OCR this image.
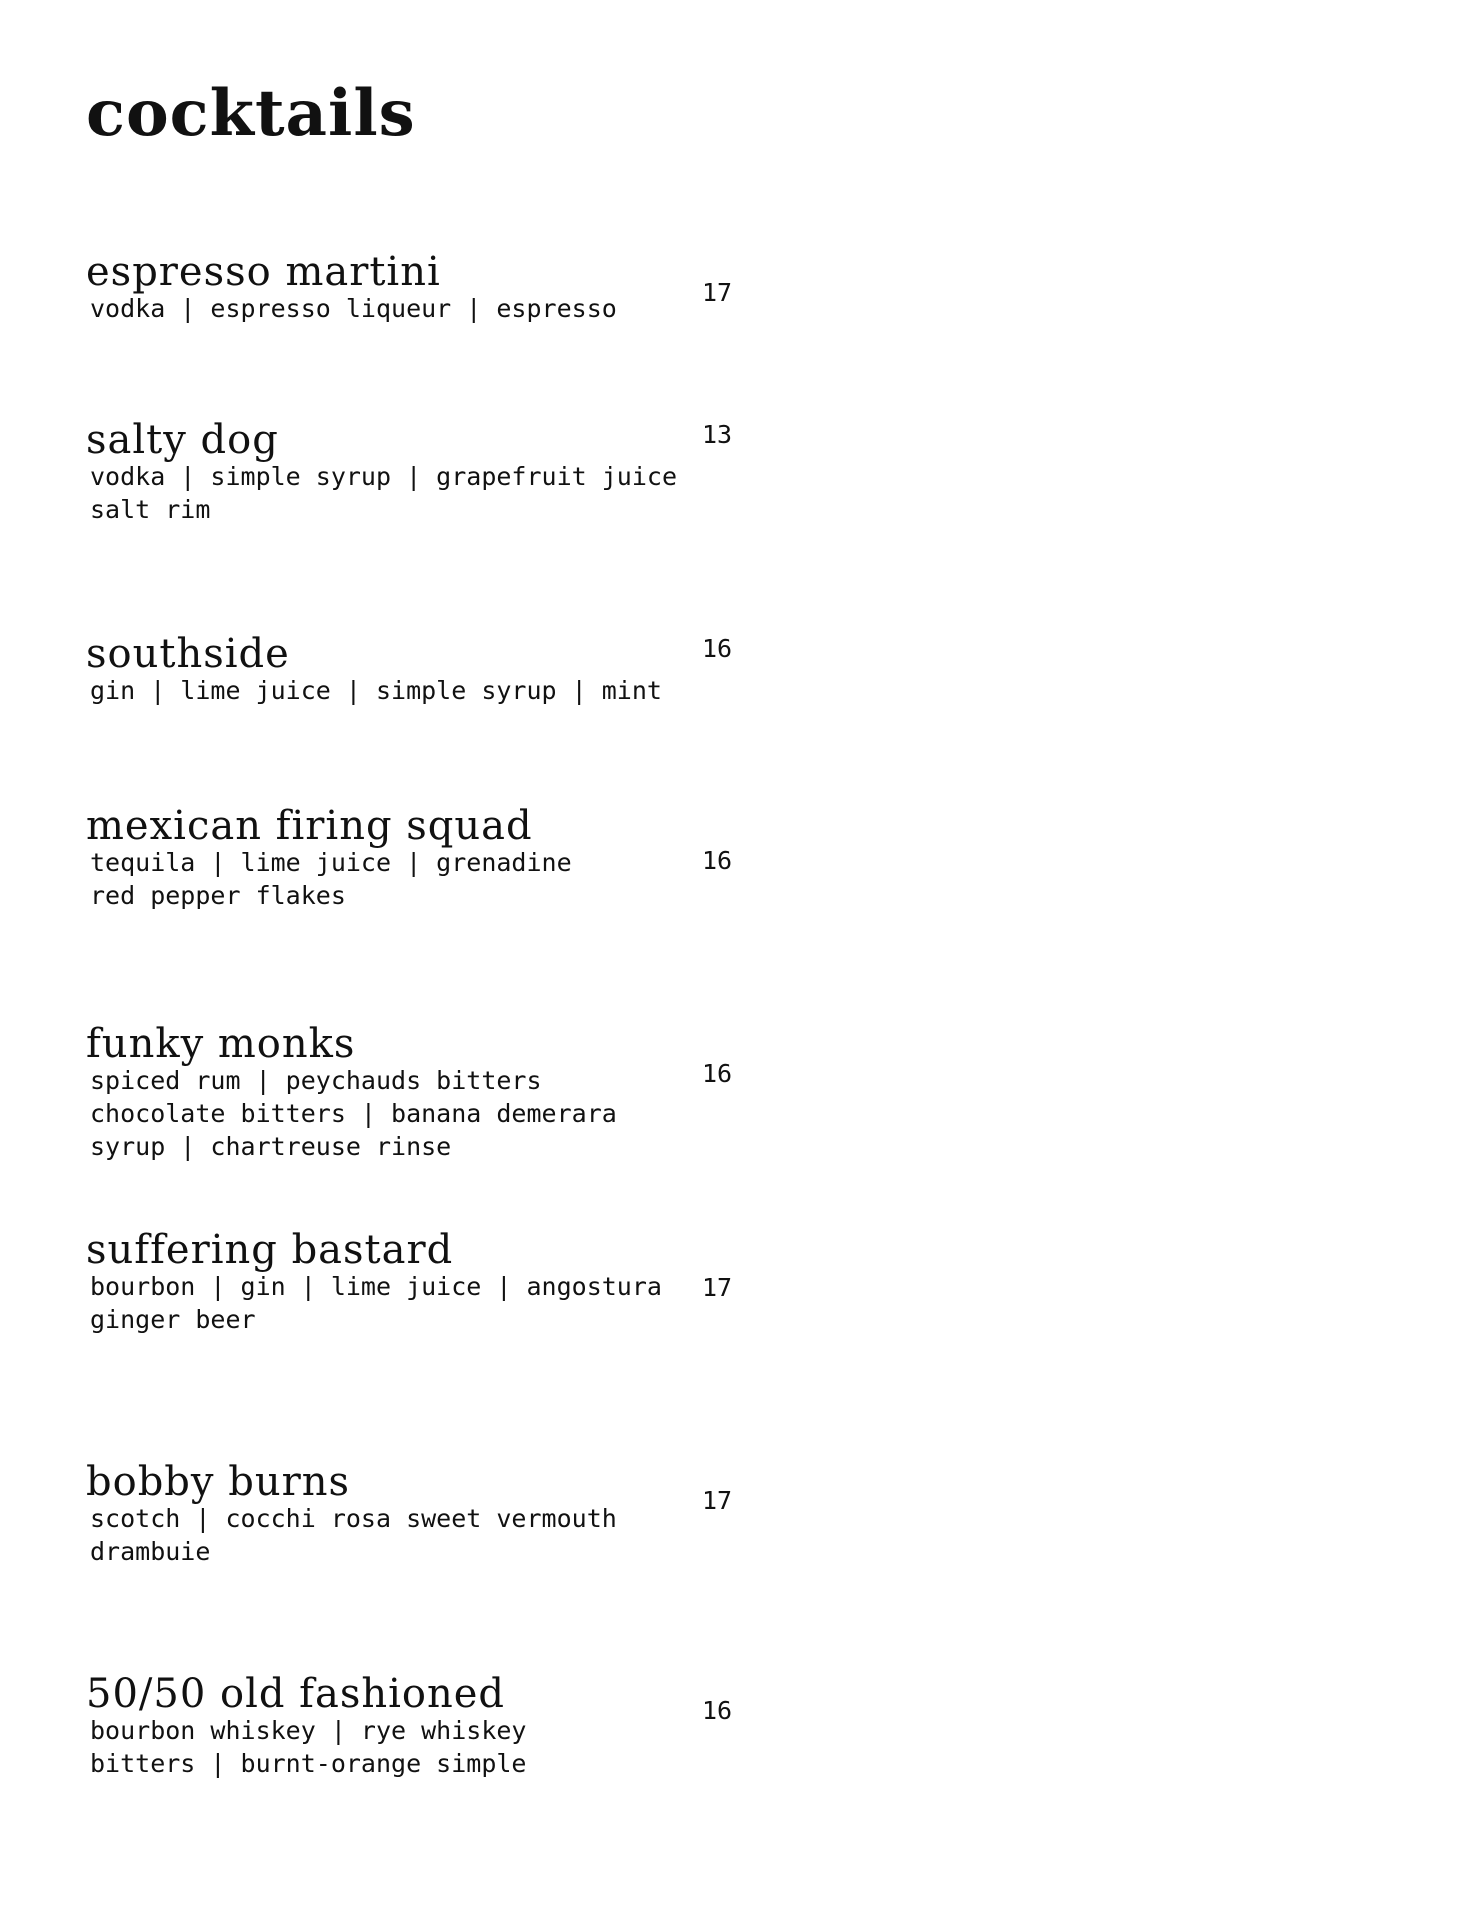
cocktails

espresso martini

vodka | espresso liqueur | espresso

17

salty dog

vodka | simple syrup | grapefruit juice

salt rim

13

southside

gin | lime juice | simple syrup | mint

16

mexican firing squad

tequila | lime juice | grenadine

red pepper flakes

16

funky monks

spiced rum | peychauds bitters

chocolate bitters | banana demerara

syrup | chartreuse rinse

16

suffering bastard

bourbon | gin | lime juice | angostura

ginger beer

17

bobby burns

scotch | cocchi rosa sweet vermouth

drambuie

17

50/50 old fashioned

bourbon whiskey | rye whiskey

bitters | burnt-orange simple

16
